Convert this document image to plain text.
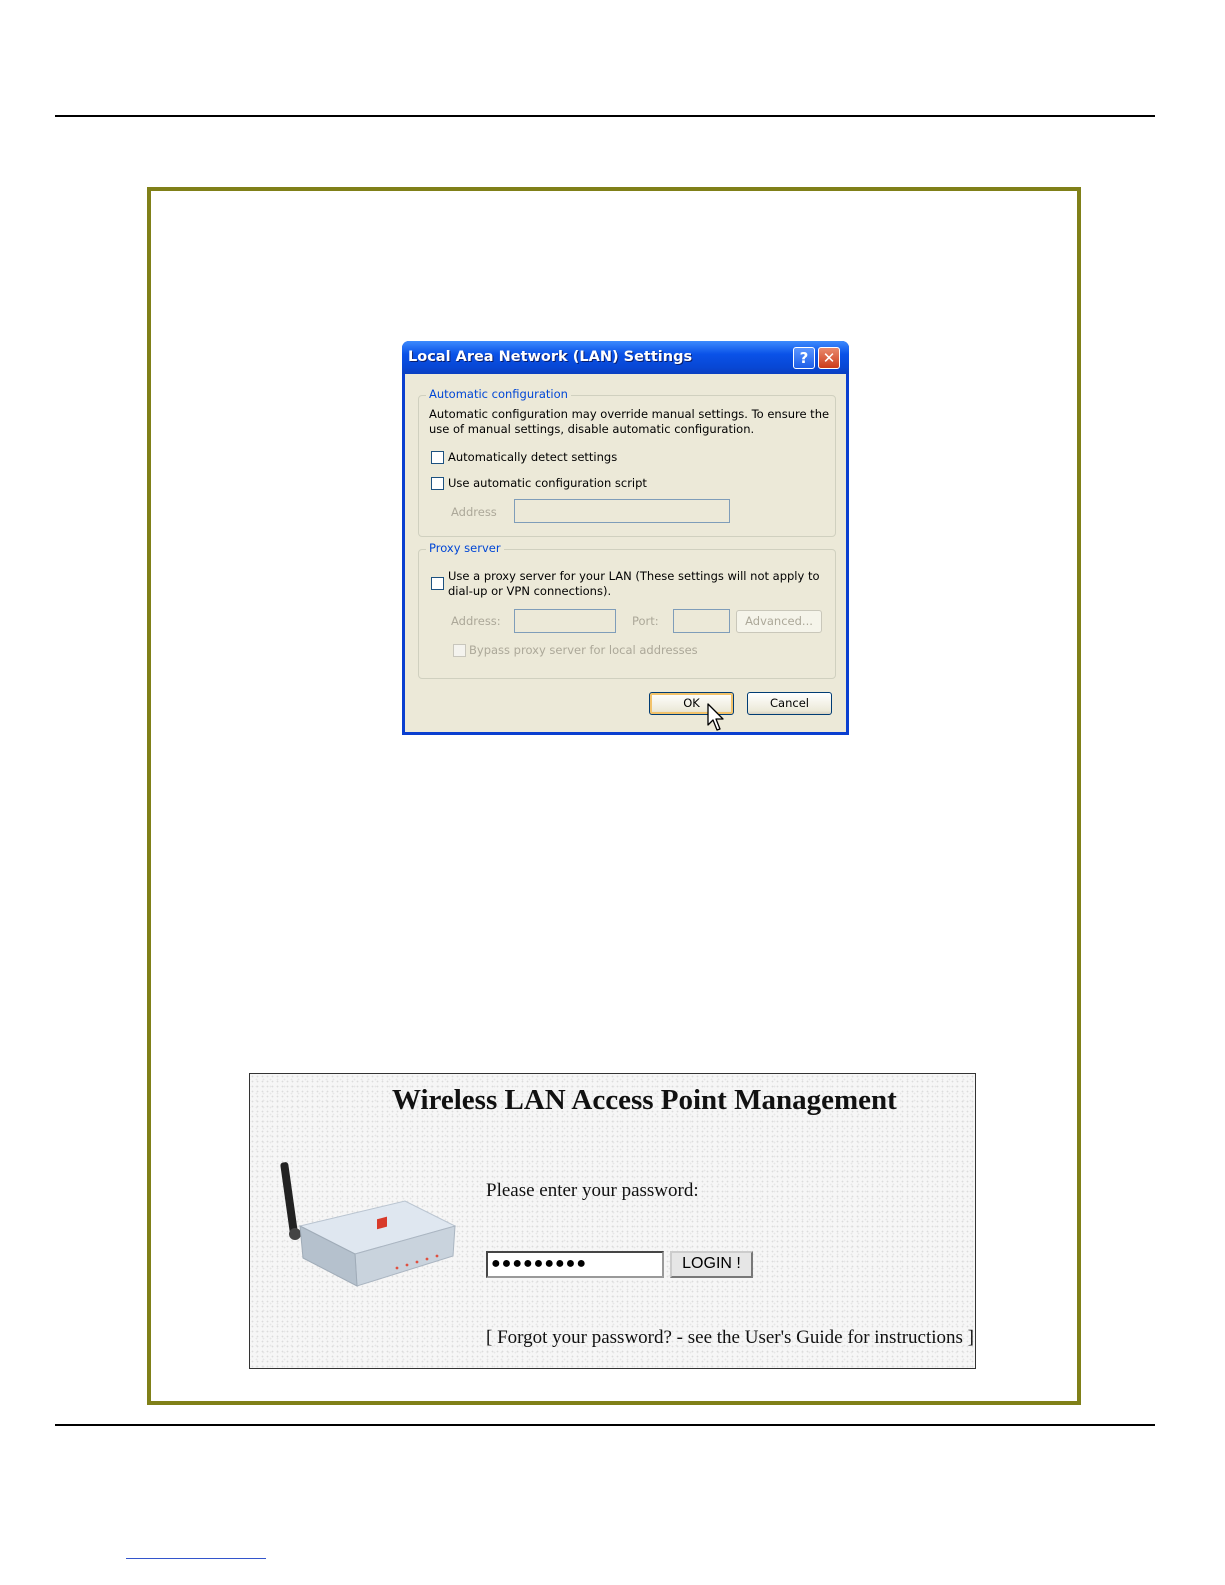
Local Area Network (LAN) Settings	? ✕
Automatic configuration
Automatic configuration may override manual settings. To ensure the
use of manual settings, disable automatic configuration.
Automatically detect settings
Use automatic configuration script
Address
Proxy server
Use a proxy server for your LAN (These settings will not apply to
dial-up or VPN connections).
Address:	Port:	Advanced...
Bypass proxy server for local addresses
OK	Cancel
Wireless LAN Access Point Management
Please enter your password:
●●●●●●●●●	LOGIN !
[ Forgot your password? - see the User's Guide for instructions ]
